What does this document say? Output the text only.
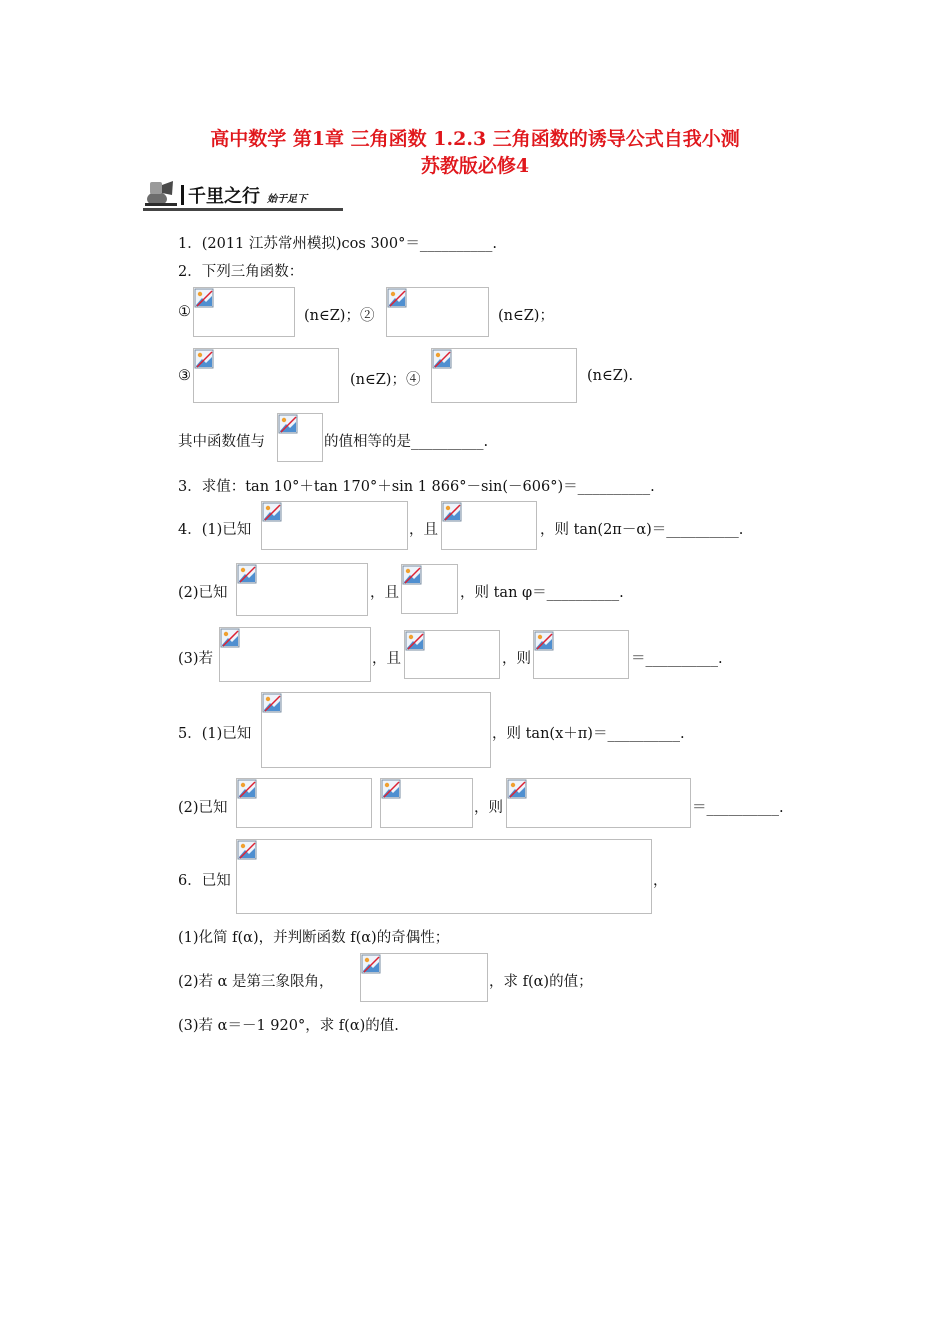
高中数学 第1章 三角函数 1.2.3 三角函数的诱导公式自我小测
苏教版必修4
千里之行 始于足下
1．(2011 江苏常州模拟)cos 300°＝__________.
2．下列三角函数：
①	(n∈Z)；②	(n∈Z)；
③	(n∈Z)；④	(n∈Z).
其中函数值与	的值相等的是__________.
3．求值：tan 10°＋tan 170°＋sin 1 866°－sin(－606°)＝__________.
4．(1)已知	，且	，则 tan(2π－α)＝__________.
(2)已知	，且	，则 tan φ＝__________.
(3)若	，且	，则	＝__________.
5．(1)已知	，则 tan(x＋π)＝__________.
(2)已知	，则	＝__________.
6．已知	，
(1)化简 f(α)，并判断函数 f(α)的奇偶性；
(2)若 α 是第三象限角，	，求 f(α)的值；
(3)若 α＝－1 920°，求 f(α)的值.
